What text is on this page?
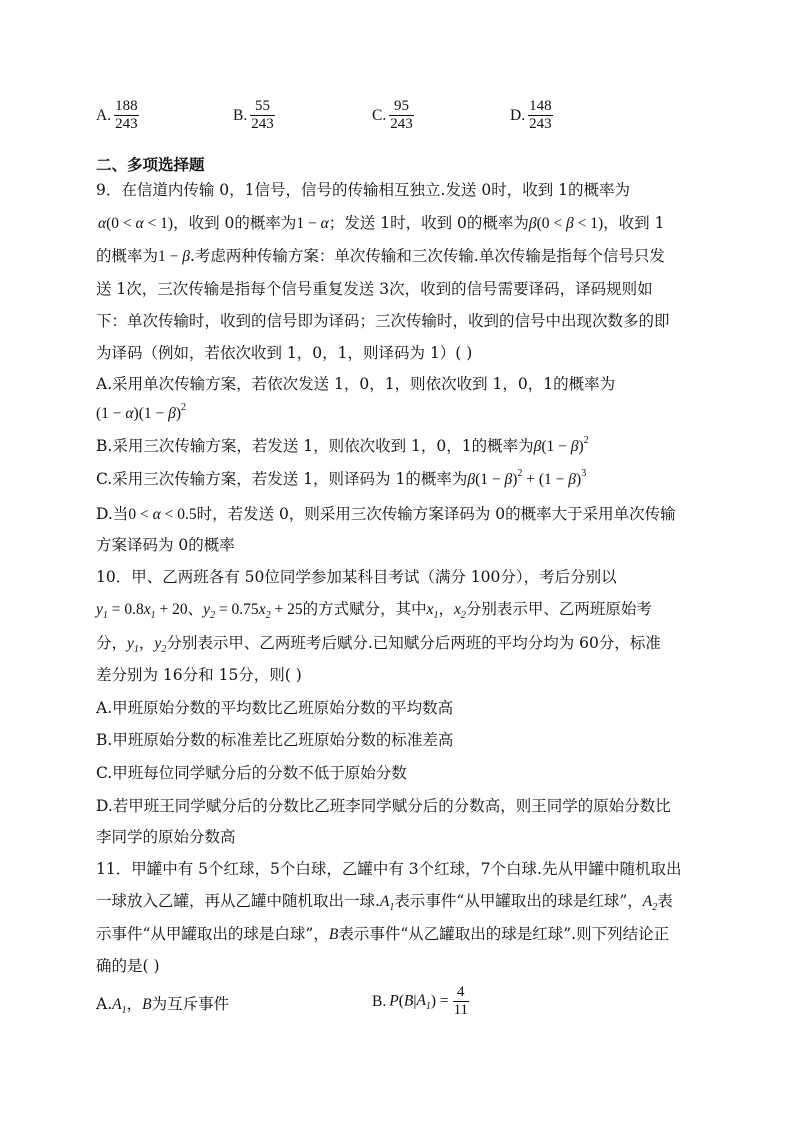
A. $\frac{188}{243}$	B. $\frac{55}{243}$	C. $\frac{95}{243}$	D. $\frac{148}{243}$
二、多项选择题
9．在信道内传输 0，1信号，信号的传输相互独立.发送 0时，收到 1的概率为
α(0 < α < 1)，收到 0的概率为1 − α；发送 1时，收到 0的概率为β(0 < β < 1)，收到 1
的概率为1 − β.考虑两种传输方案：单次传输和三次传输.单次传输是指每个信号只发
送 1次，三次传输是指每个信号重复发送 3次，收到的信号需要译码，译码规则如
下：单次传输时，收到的信号即为译码；三次传输时，收到的信号中出现次数多的即
为译码（例如，若依次收到 1，0，1，则译码为 1）( )
A.采用单次传输方案，若依次发送 1，0，1，则依次收到 1，0，1的概率为
$(1 - \alpha)(1 - \beta)^2$
B.采用三次传输方案，若发送 1，则依次收到 1，0，1的概率为$\beta(1 - \beta)^2$
C.采用三次传输方案，若发送 1，则译码为 1的概率为$\beta(1 - \beta)^2 + (1 - \beta)^3$
D.当0 < α < 0.5时，若发送 0，则采用三次传输方案译码为 0的概率大于采用单次传输
方案译码为 0的概率
10．甲、乙两班各有 50位同学参加某科目考试（满分 100分），考后分别以
$y_1 = 0.8x_1 + 20$、$y_2 = 0.75x_2 + 25$的方式赋分，其中$x_1$，$x_2$分别表示甲、乙两班原始考
分，$y_1$，$y_2$分别表示甲、乙两班考后赋分.已知赋分后两班的平均分均为 60分，标准
差分别为 16分和 15分，则( )
A.甲班原始分数的平均数比乙班原始分数的平均数高
B.甲班原始分数的标准差比乙班原始分数的标准差高
C.甲班每位同学赋分后的分数不低于原始分数
D.若甲班王同学赋分后的分数比乙班李同学赋分后的分数高，则王同学的原始分数比
李同学的原始分数高
11．甲罐中有 5个红球，5个白球，乙罐中有 3个红球，7个白球.先从甲罐中随机取出
一球放入乙罐，再从乙罐中随机取出一球$.A_1$表示事件“从甲罐取出的球是红球”，$A_2$表
示事件“从甲罐取出的球是白球”，B表示事件“从乙罐取出的球是红球”.则下列结论正
确的是( )
$A.A_1$，B为互斥事件	B. $P(B|A_1) = \frac{4}{11}$
